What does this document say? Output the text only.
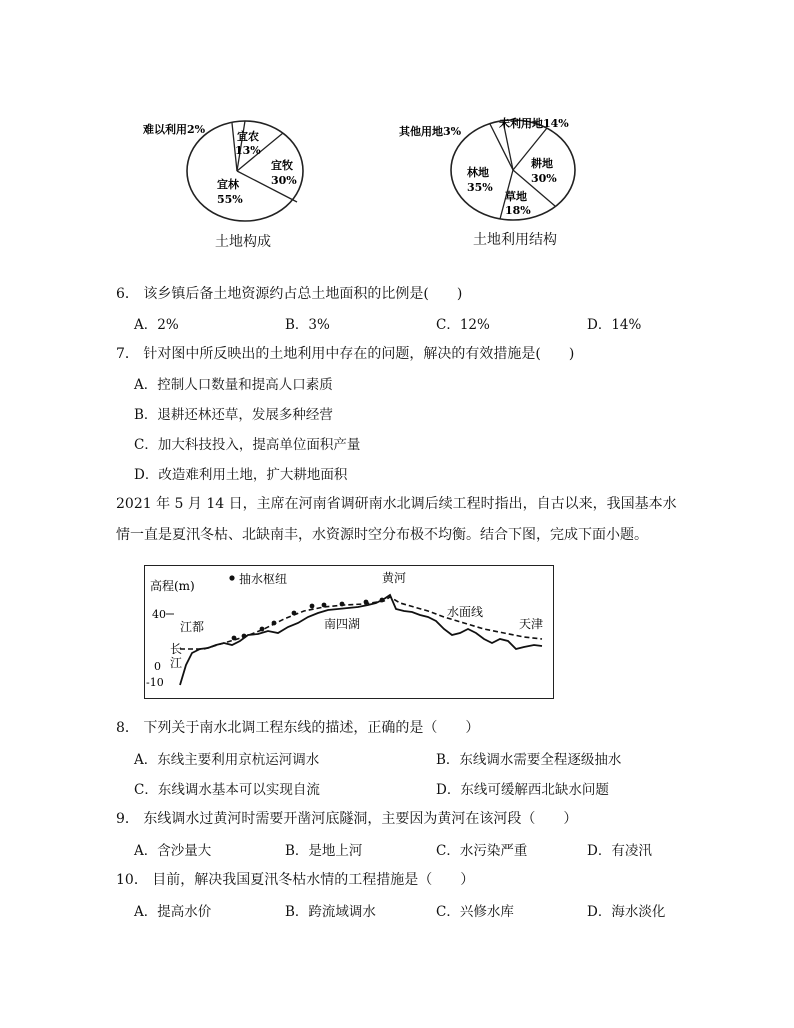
难以利用2%
宜农
13%
宜牧
30%
宜林
55%
土地构成
其他用地3%
未利用地14%
耕地
30%
草地
18%
林地
35%
土地利用结构
6． 该乡镇后备土地资源约占总土地面积的比例是(　　)
A．2%	B．3%	C．12%	D．14%
7． 针对图中所反映出的土地利用中存在的问题，解决的有效措施是(　　)
A．控制人口数量和提高人口素质
B．退耕还林还草，发展多种经营
C．加大科技投入，提高单位面积产量
D．改造难利用土地，扩大耕地面积
2021 年 5 月 14 日，主席在河南省调研南水北调后续工程时指出，自古以来，我国基本水
情一直是夏汛冬枯、北缺南丰，水资源时空分布极不均衡。结合下图，完成下面小题。
高程(m)	抽水枢纽
40
0
-10
江都
长
江
南四湖
黄河
水面线
天津
8． 下列关于南水北调工程东线的描述，正确的是（　　）
A．东线主要利用京杭运河调水	B．东线调水需要全程逐级抽水
C．东线调水基本可以实现自流	D．东线可缓解西北缺水问题
9． 东线调水过黄河时需要开凿河底隧洞，主要因为黄河在该河段（　　）
A．含沙量大	B．是地上河	C．水污染严重	D．有凌汛
10． 目前，解决我国夏汛冬枯水情的工程措施是（　　）
A．提高水价	B．跨流域调水	C．兴修水库	D．海水淡化
